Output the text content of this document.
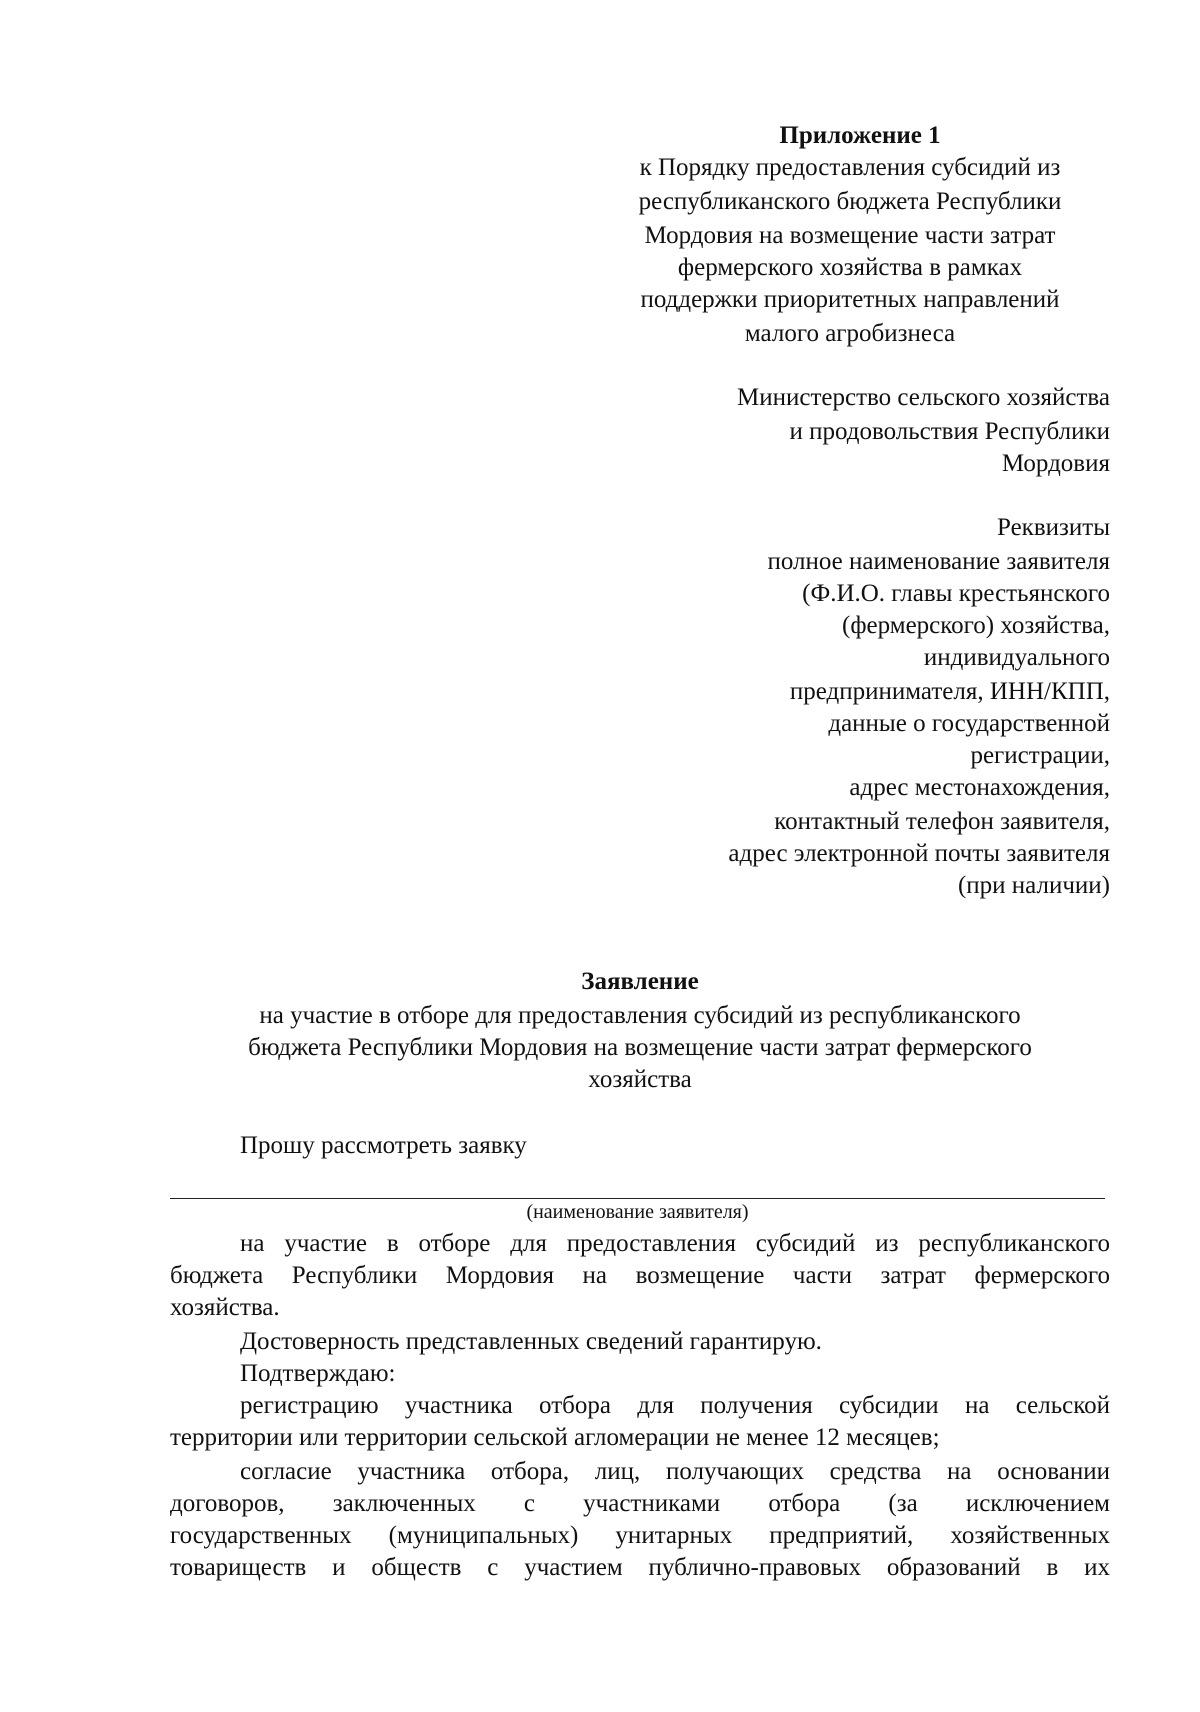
Приложение 1
к Порядку предоставления субсидий из
республиканского бюджета Республики
Мордовия на возмещение части затрат
фермерского хозяйства в рамках
поддержки приоритетных направлений
малого агробизнеса
Министерство сельского хозяйства
и продовольствия Республики
Мордовия
Реквизиты
полное наименование заявителя
(Ф.И.О. главы крестьянского
(фермерского) хозяйства,
индивидуального
предпринимателя, ИНН/КПП,
данные о государственной
регистрации,
адрес местонахождения,
контактный телефон заявителя,
адрес электронной почты заявителя
(при наличии)
Заявление
на участие в отборе для предоставления субсидий из республиканского
бюджета Республики Мордовия на возмещение части затрат фермерского
хозяйства
Прошу рассмотреть заявку
(наименование заявителя)
на участие в отборе для предоставления субсидий из республиканского
бюджета Республики Мордовия на возмещение части затрат фермерского
хозяйства.
Достоверность представленных сведений гарантирую.
Подтверждаю:
регистрацию участника отбора для получения субсидии на сельской
территории или территории сельской агломерации не менее 12 месяцев;
согласие участника отбора, лиц, получающих средства на основании
договоров, заключенных с участниками отбора (за исключением
государственных (муниципальных) унитарных предприятий, хозяйственных
товариществ и обществ с участием публично-правовых образований в их
